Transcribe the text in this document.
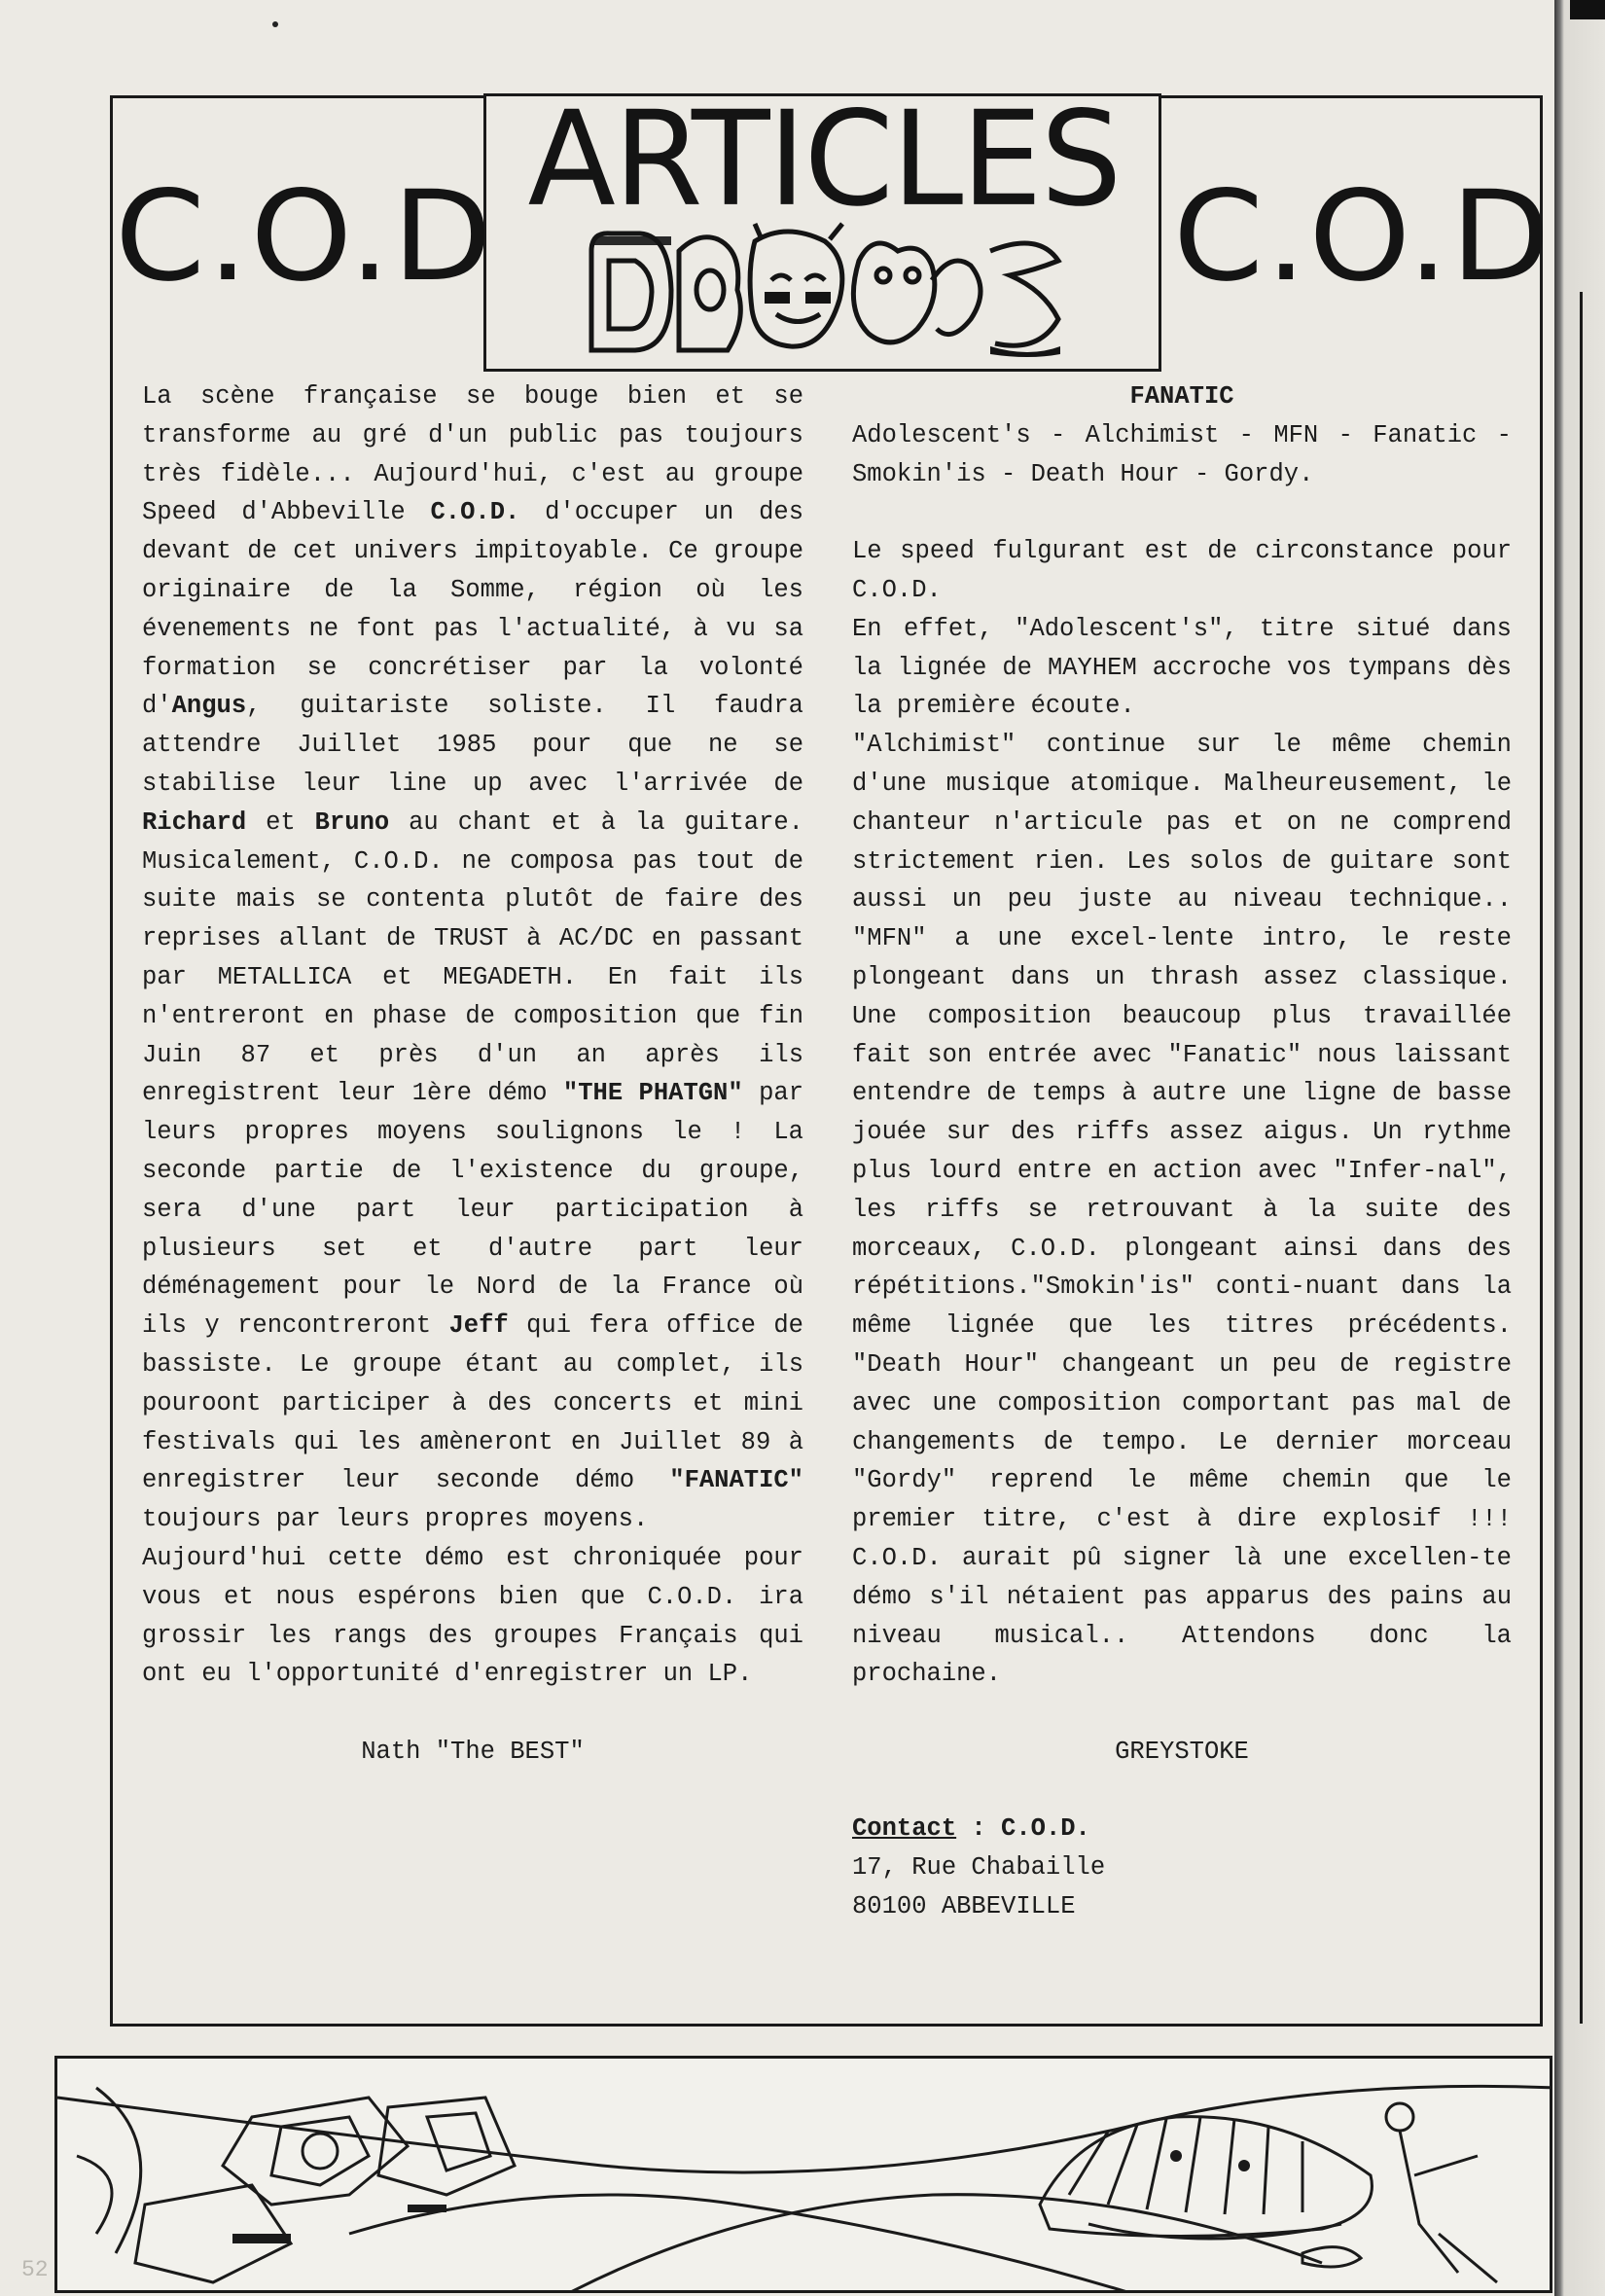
C.O.D	C.O.D
ARTICLES

La scène française se bouge bien et se transforme au gré d'un public pas toujours très fidèle... Aujourd'hui, c'est au groupe Speed d'Abbeville C.O.D. d'occuper un des devant de cet univers impitoyable. Ce groupe originaire de la Somme, région où les évenements ne font pas l'actualité, à vu sa formation se concrétiser par la volonté d'Angus, guitariste soliste. Il faudra attendre Juillet 1985 pour que ne se stabilise leur line up avec l'arrivée de Richard et Bruno au chant et à la guitare. Musicalement, C.O.D. ne composa pas tout de suite mais se contenta plutôt de faire des reprises allant de TRUST à AC/DC en passant par METALLICA et MEGADETH. En fait ils n'entreront en phase de composition que fin Juin 87 et près d'un an après ils enregistrent leur 1ère démo "THE PHATGN" par leurs propres moyens soulignons le ! La seconde partie de l'existence du groupe, sera d'une part leur participation à plusieurs set et d'autre part leur déménagement pour le Nord de la France où ils y rencontreront Jeff qui fera office de bassiste. Le groupe étant au complet, ils pouroont participer à des concerts et mini festivals qui les amèneront en Juillet 89 à enregistrer leur seconde démo "FANATIC" toujours par leurs propres moyens.

Aujourd'hui cette démo est chroniquée pour vous et nous espérons bien que C.O.D. ira grossir les rangs des groupes Français qui ont eu l'opportunité d'enregistrer un LP.

Nath "The BEST"

FANATIC

Adolescent's - Alchimist - MFN - Fanatic - Smokin'is - Death Hour - Gordy.

Le speed fulgurant est de circonstance pour C.O.D.

En effet, "Adolescent's", titre situé dans la lignée de MAYHEM accroche vos tympans dès la première écoute.

"Alchimist" continue sur le même chemin d'une musique atomique. Malheureusement, le chanteur n'articule pas et on ne comprend strictement rien. Les solos de guitare sont aussi un peu juste au niveau technique.. "MFN" a une excel-lente intro, le reste plongeant dans un thrash assez classique. Une composition beaucoup plus travaillée fait son entrée avec "Fanatic" nous laissant entendre de temps à autre une ligne de basse jouée sur des riffs assez aigus. Un rythme plus lourd entre en action avec "Infer-nal", les riffs se retrouvant à la suite des morceaux, C.O.D. plongeant ainsi dans des répétitions."Smokin'is" conti-nuant dans la même lignée que les titres précédents. "Death Hour" changeant un peu de registre avec une composition comportant pas mal de changements de tempo. Le dernier morceau "Gordy" reprend le même chemin que le premier titre, c'est à dire explosif !!! C.O.D. aurait pû signer là une excellen-te démo s'il nétaient pas apparus des pains au niveau musical.. Attendons donc la prochaine.

GREYSTOKE

Contact : C.O.D.

17, Rue Chabaille

80100 ABBEVILLE

52
